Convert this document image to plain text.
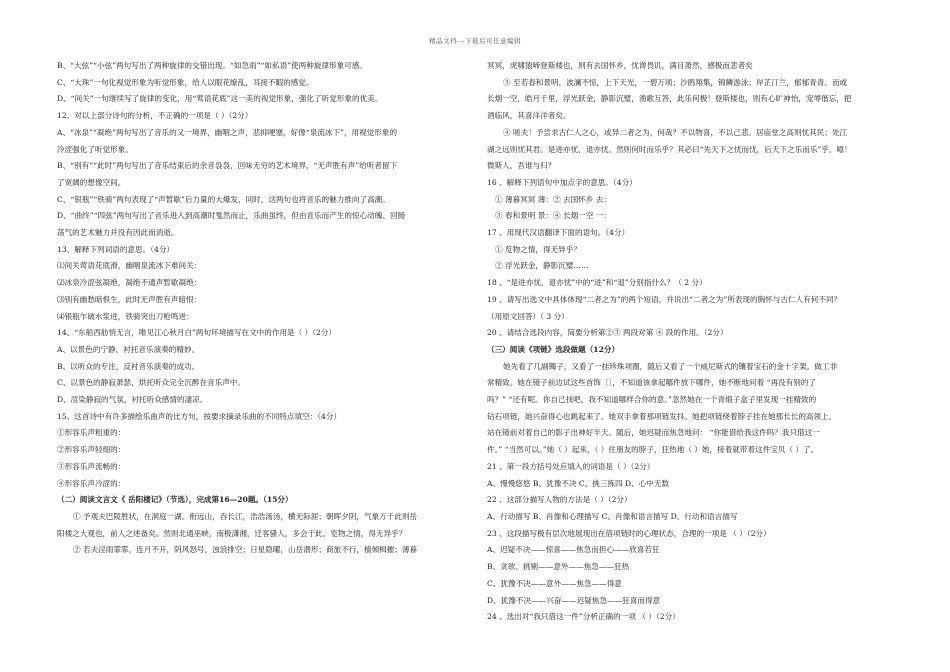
精品文档---下载后可任意编辑

B、“大弦”“小弦”两句写出了两种旋律的交错出现。“如急雨”“如私语”使两种旋律形象可感。

C、“大珠”一句化视觉形象为听觉形象，给人以眼花缭乱，耳接不暇的感觉。

D、“间关”一句继续写了旋律的变化，用“莺语花底”这一美的视觉形象，强化了听觉形象的优美。

12、对以上部分诗句的分析，不正确的一项是（ ）（2分）

A、“冰泉”“凝绝”两句写出了音乐的又一境界，幽咽之声，悲抑哽塞，好像“泉流冰下”，用视觉形象的

冷涩强化了听觉形象。

B、“别有”“此时”两句写出了音乐结束后的余音袅袅，回味无穷的艺术境界，“无声胜有声”给听者留下

了宽阔的想像空间。

C、“银瓶”“铁骑”两句表现了“声暂歇”后力量的大爆发，同时，这两句也将音乐的魅力推向了高潮。

D、“曲终”“四弦”两句写出了音乐进入到高潮时戛然而止，乐曲虽终，但由音乐而产生的惊心动魄、回肠

荡气的艺术魅力并没有因此而消逝。

13、解释下列词语的意思。（4分）

⑴间关莺语花底滑，幽咽泉流冰下难间关：

⑵冰泉冷涩弦凝绝，凝绝不通声暂歇凝绝：

⑶别有幽愁暗恨生，此时无声胜有声暗恨：

⑷银瓶乍破水浆迸，铁骑突出刀枪鸣迸：

14、“东船西舫悄无言，唯见江心秋月白”两句环境描写在文中的作用是（ ）（2分）

A、以景色的宁静，衬托音乐演奏的精妙。

B、以听众的专注，反衬音乐演奏的成功。

C、以景色的静寂萧瑟，烘托听众完全沉醉在音乐声中。

D、渲染静寂的气氛，衬托听众感情的凄凉。

15、这首诗中有许多描绘乐曲声的比方句，按要求摘录乐曲的不同特点填空：（4分）

①形容乐声粗重的：

②形容乐声轻细的：

③形容乐声流畅的：

④形容乐声冷涩的：

（二）阅读文言文《 岳阳楼记》（节选），完成第16—20题。（15分）

① 予观夫巴陵胜状，在洞庭一湖。衔远山，吞长江，浩浩汤汤，横无际涯；朝晖夕阴，气象万千此则岳

阳楼之大观也，前人之述备矣。然则北通巫峡，南极潇湘，迁客骚人，多会于此，览物之情，得无异乎？

② 若夫淫雨霏霏，连月不开，阴风怒号，浊浪排空；日星隐曜，山岳潜形；商旅不行，樯倾楫摧；薄暮

冥冥，虎啸猿啼登斯楼也，则有去国怀乡，忧谗畏讥，满目萧然，感极而悲者矣

③ 至若春和景明，波澜不惊，上下天光，一碧万顷；沙鸥翔集，锦鳞游泳；岸芷汀兰，郁郁青青。而或

长烟一空，皓月千里，浮光跃金，静影沉璧，渔歌互答，此乐何极！登斯楼也，则有心旷神怡，宠辱偕忘，把

酒临风，其喜洋洋者矣。

④ 嗟夫！予尝求古仁人之心，或异二者之为，何哉？不以物喜，不以己悲。居庙堂之高则忧其民；处江

湖之远则忧其君。是进亦忧，退亦忧。然则何时而乐乎？其必曰“先天下之忧而忧，后天下之乐而乐”乎。噫！

微斯人，吾谁与归？

16 、解释下列语句中加点字的意思。（4分）

① 薄暮冥冥 薄：② 去国怀乡 去：

③ 春和景明 景：④ 长烟一空 一：

17 、用现代汉语翻译下面的语句。（4分）

① 览物之情，得无异乎？

② 浮光跃金，静影沉璧……

18 、“是进亦忧，退亦忧”中的“进”和“退”分别指什么？（ 2 分）

19 、请写出选文中具体体现“二者之为”的两个短语，并说出“二者之为”所表现的胸怀与古仁人有何不同？

（用原文回答）（ 3 分）

20 、请结合选段内容，简要分析第②③ 两段对第 ④ 段的作用。（2分）

（三）阅读《项链》选段做题（12分）

她先看了几副镯子，又看了一挂珍珠项圈，随后又看了一个威尼斯式的镶着宝石的金十字架，做工非

常精致。她在镜子前边试这些首饰〔〕，不知道该拿起哪件放下哪件，她不断地问着 “再没有别的了

吗？” “还有呢。你自己找吧，我不知道哪样合你的意。”忽然她在一个青缎子盒子里发现一挂精致的

钻石项链，她兴奋得心也跳起来了。她双手拿着那项链发抖。她把项链绕着脖子挂在她那长长的高领上，

站在镜前对着自己的影子出神好半天。随后，她迟疑而焦急地问： “你能借给我这件吗？我只借这一

件。” “当然可以。”她（ ）起来，（ ）住朋友的脖子，狂热地（ ）她，接着就带着这件宝贝（ ）了。

21 、第一段方括号处应填入的词语是（ ）（2分）

A、慢慢悠悠 B、犹豫不决 C、挑三拣四 D、心中无数

22 、这部分描写人物的方法是（ ）（2分）

A、行动描写 B、肖像和心理描写 C、肖像和语言描写 D、行动和语言描写

23 、这段描写极有层次地展现出在借项链时的心理状态，合理的一项是 （ ）（2分）

A、迟疑不决——惊喜——焦急而担心——欣喜若狂

B、贪欲、挑剔——意外——焦急——狂热

C、犹豫不决——意外——焦急——得意

D、犹豫不决——兴奋——迟疑焦急——狂喜而得意

24 、选出对“我只借这一件”分析正确的一项 （ ）（2分）
